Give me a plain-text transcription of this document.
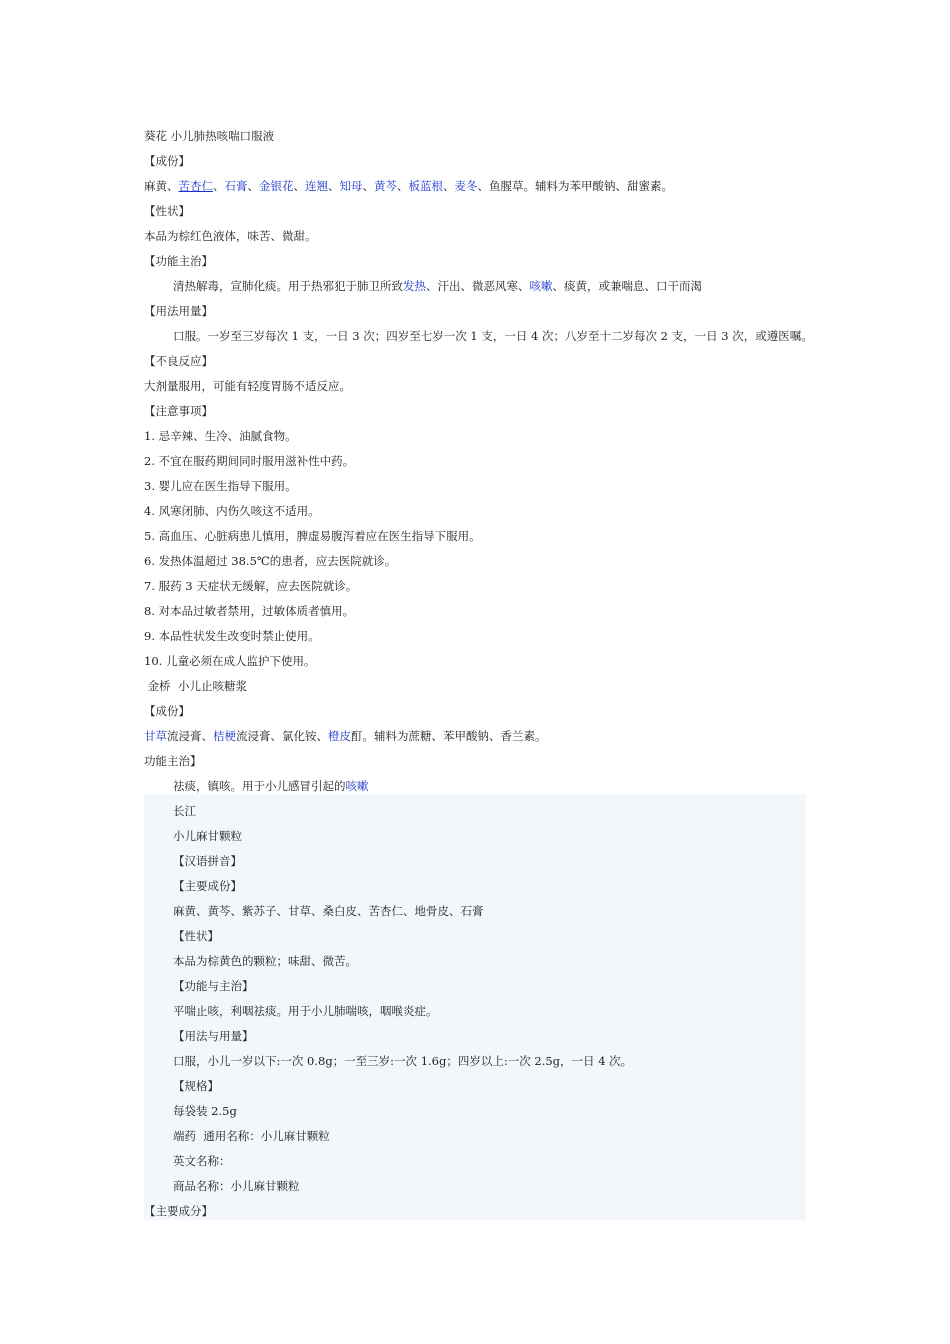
葵花 小儿肺热咳喘口服液
【成份】
麻黄、苦杏仁、石膏、金银花、连翘、知母、黄芩、板蓝根、麦冬、鱼腥草。辅料为苯甲酸钠、甜蜜素。
【性状】
本品为棕红色液体，味苦、微甜。
【功能主治】
清热解毒，宣肺化痰。用于热邪犯于肺卫所致发热、汗出、微恶风寒、咳嗽、痰黄，或兼喘息、口干而渴
【用法用量】
口服。一岁至三岁每次 1 支，一日 3 次；四岁至七岁一次 1 支，一日 4 次；八岁至十二岁每次 2 支，一日 3 次，或遵医嘱。
【不良反应】
大剂量服用，可能有轻度胃肠不适反应。
【注意事项】
1. 忌辛辣、生冷、油腻食物。
2. 不宜在服药期间同时服用滋补性中药。
3. 婴儿应在医生指导下服用。
4. 风寒闭肺、内伤久咳这不适用。
5. 高血压、心脏病患儿慎用，脾虚易腹泻着应在医生指导下服用。
6. 发热体温超过 38.5℃的患者，应去医院就诊。
7. 服药 3 天症状无缓解，应去医院就诊。
8. 对本品过敏者禁用，过敏体质者慎用。
9. 本品性状发生改变时禁止使用。
10. 儿童必须在成人监护下使用。
金桥  小儿止咳糖浆
【成份】
甘草流浸膏、桔梗流浸膏、氯化铵、橙皮酊。辅料为蔗糖、苯甲酸钠、香兰素。
功能主治】
祛痰，镇咳。用于小儿感冒引起的咳嗽
长江
小儿麻甘颗粒
【汉语拼音】
【主要成份】
麻黄、黄芩、紫苏子、甘草、桑白皮、苦杏仁、地骨皮、石膏
【性状】
本品为棕黄色的颗粒；味甜、微苦。
【功能与主治】
平喘止咳，利咽祛痰。用于小儿肺喘咳，咽喉炎症。
【用法与用量】
口服，小儿一岁以下:一次 0.8g；一至三岁:一次 1.6g；四岁以上:一次 2.5g，一日 4 次。
【规格】
每袋装 2.5g
端药  通用名称：小儿麻甘颗粒
英文名称：
商品名称：小儿麻甘颗粒
【主要成分】
